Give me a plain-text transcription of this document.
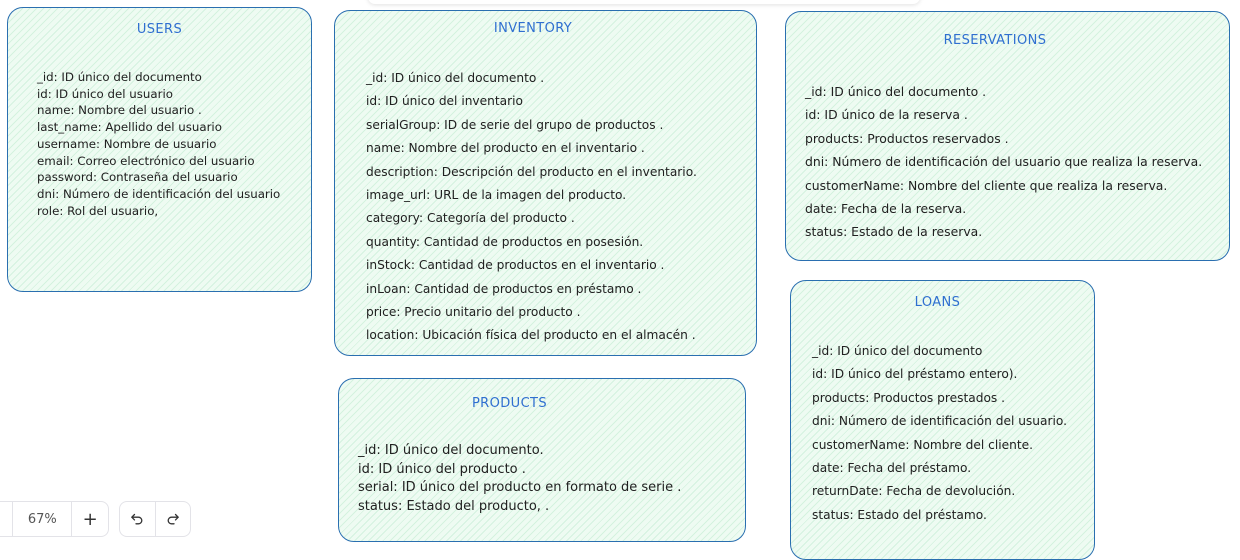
USERS
_id: ID único del documento
id: ID único del usuario
name: Nombre del usuario .
last_name: Apellido del usuario
username: Nombre de usuario
email: Correo electrónico del usuario
password: Contraseña del usuario
dni: Número de identificación del usuario
role: Rol del usuario,
INVENTORY
_id: ID único del documento .
id: ID único del inventario
serialGroup: ID de serie del grupo de productos .
name: Nombre del producto en el inventario .
description: Descripción del producto en el inventario.
image_url: URL de la imagen del producto.
category: Categoría del producto .
quantity: Cantidad de productos en posesión.
inStock: Cantidad de productos en el inventario .
inLoan: Cantidad de productos en préstamo .
price: Precio unitario del producto .
location: Ubicación física del producto en el almacén .
RESERVATIONS
_id: ID único del documento .
id: ID único de la reserva .
products: Productos reservados .
dni: Número de identificación del usuario que realiza la reserva.
customerName: Nombre del cliente que realiza la reserva.
date: Fecha de la reserva.
status: Estado de la reserva.
PRODUCTS
_id: ID único del documento.
id: ID único del producto .
serial: ID único del producto en formato de serie .
status: Estado del producto, .
LOANS
_id: ID único del documento
id: ID único del préstamo entero).
products: Productos prestados .
dni: Número de identificación del usuario.
customerName: Nombre del cliente.
date: Fecha del préstamo.
returnDate: Fecha de devolución.
status: Estado del préstamo.
67%	+
